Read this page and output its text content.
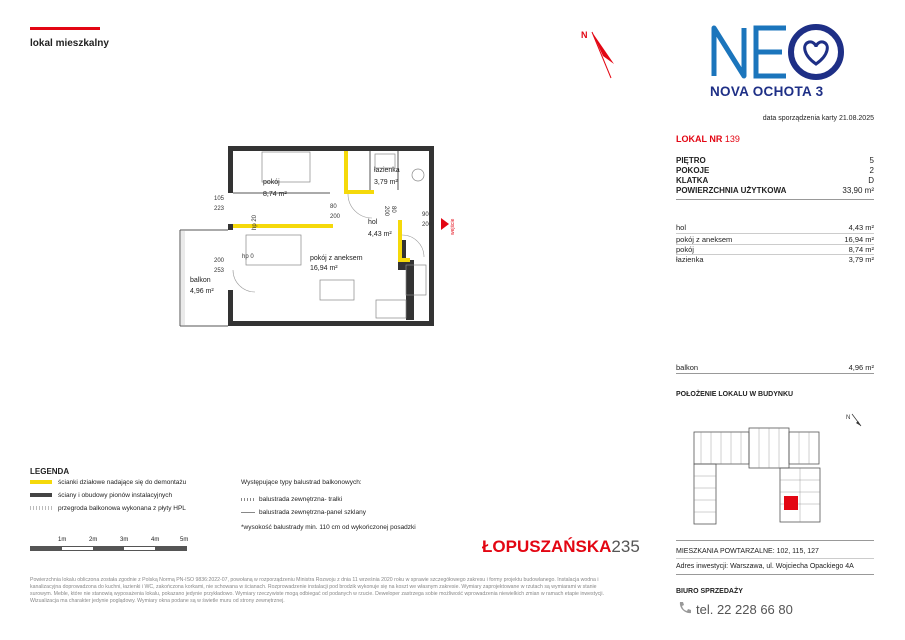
lokal mieszkalny
N
NOVA OCHOTA 3
data sporządzenia karty 21.08.2025
LOKAL NR 139
PIĘTRO	5
POKOJE	2
KLATKA	D
POWIERZCHNIA UŻYTKOWA	33,90 m²
hol	4,43 m²
pokój z aneksem	16,94 m²
pokój	8,74 m²
łazienka	3,79 m²
balkon	4,96 m²
POŁOŻENIE LOKALU W BUDYNKU
N
MIESZKANIA POWTARZALNE: 102, 115, 127
Adres inwestycji: Warszawa, ul. Wojciecha Opackiego 4A
BIURO SPRZEDAŻY
tel. 22 228 66 80
pokój
8,74 m²
łazienka
3,79 m²
hol
4,43 m²
pokój z aneksem
16,94 m²
balkon
4,96 m²
105
223
hp 20
80
200
200 80
90
200
200
253
hp 0
wejście
LEGENDA
ścianki działowe nadające się do demontażu
ściany i obudowy pionów instalacyjnych
przegroda balkonowa wykonana z płyty HPL
Występujące typy balustrad balkonowych:
balustrada zewnętrzna- tralki
balustrada zewnętrzna-panel szklany
*wysokość balustrady min. 110 cm od wykończonej posadzki
1m	2m	3m	4m	5m	ŁOPUSZAŃSKA235
Powierzchnia lokalu obliczona została zgodnie z Polską Normą PN-ISO 9836:2022-07, powołaną w rozporządzeniu Ministra Rozwoju z dnia 11 września 2020 roku w sprawie szczegółowego zakresu i formy projektu budowlanego. Instalacja wodna i kanalizacyjna doprowadzona do kuchni, łazienki i WC, zakończona korkami, nie schowana w ścianach. Rozprowadzenie instalacji pod brodzik wykonuje się na koszt we własnym zakresie. Wymiary zaprojektowane w rzutach są wymiarami w stanie surowym. Meble, które nie stanowią wyposażenia lokalu, pokazano jedynie przykładowo. Wymiary rzeczywiste mogą odbiegać od podanych w rzucie. Deweloper zastrzega sobie możliwość wprowadzenia niewielkich zmian w ramach etapie inwestycji. Wizualizacja ma charakter jedynie poglądowy. Wymiary okna podane są w świetle muru od strony zewnętrznej.
